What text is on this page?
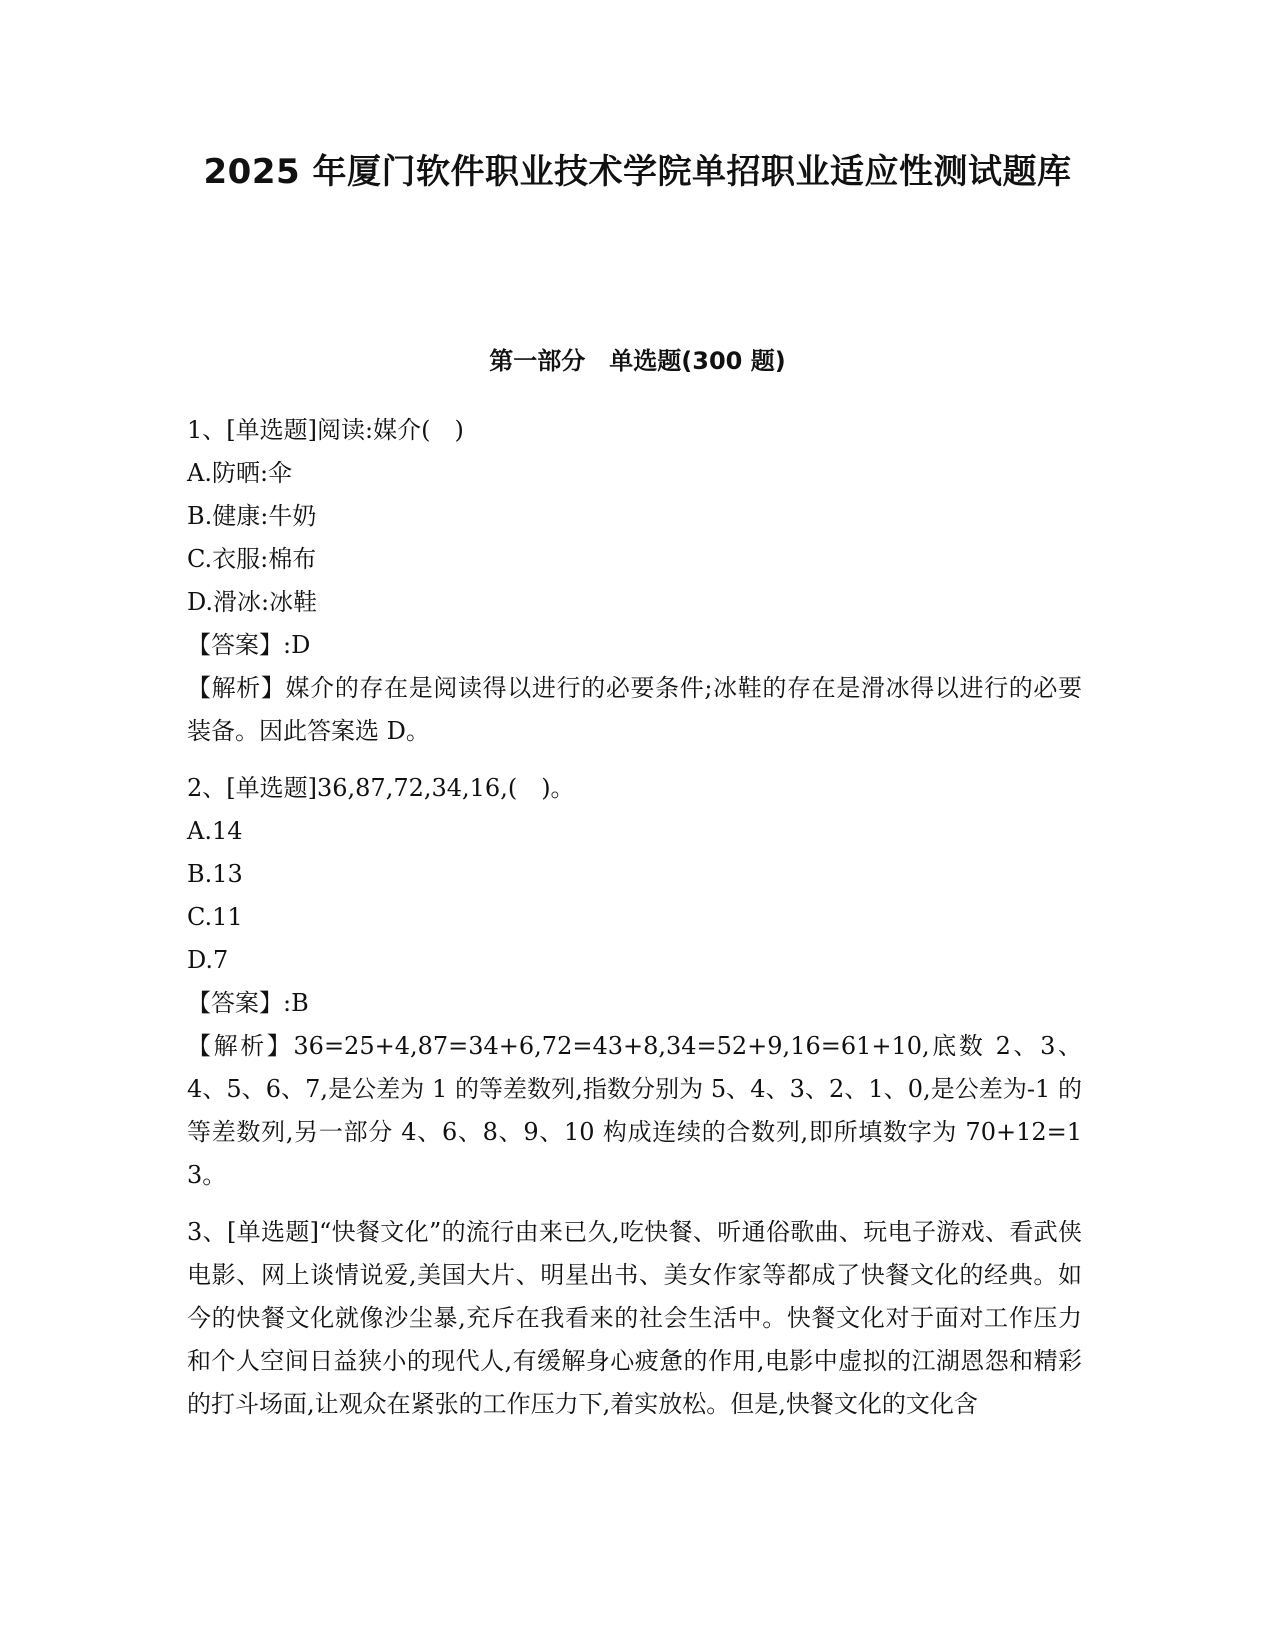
2025 年厦门软件职业技术学院单招职业适应性测试题库
第一部分　单选题(300 题)

1、[单选题]阅读:媒介(　)

A.防晒:伞

B.健康:牛奶

C.衣服:棉布

D.滑冰:冰鞋

【答案】:D

【解析】媒介的存在是阅读得以进行的必要条件;冰鞋的存在是滑冰得以进行的必要装备。因此答案选 D。

2、[单选题]36,87,72,34,16,(　)。

A.14

B.13

C.11

D.7

【答案】:B

【解析】36=25+4,87=34+6,72=43+8,34=52+9,16=61+10,底数 2、3、4、5、6、7,是公差为 1 的等差数列,指数分别为 5、4、3、2、1、0,是公差为-1 的等差数列,另一部分 4、6、8、9、10 构成连续的合数列,即所填数字为 70+12=13。

3、[单选题]“快餐文化”的流行由来已久,吃快餐、听通俗歌曲、玩电子游戏、看武侠电影、网上谈情说爱,美国大片、明星出书、美女作家等都成了快餐文化的经典。如今的快餐文化就像沙尘暴,充斥在我看来的社会生活中。快餐文化对于面对工作压力和个人空间日益狭小的现代人,有缓解身心疲惫的作用,电影中虚拟的江湖恩怨和精彩的打斗场面,让观众在紧张的工作压力下,着实放松。但是,快餐文化的文化含
